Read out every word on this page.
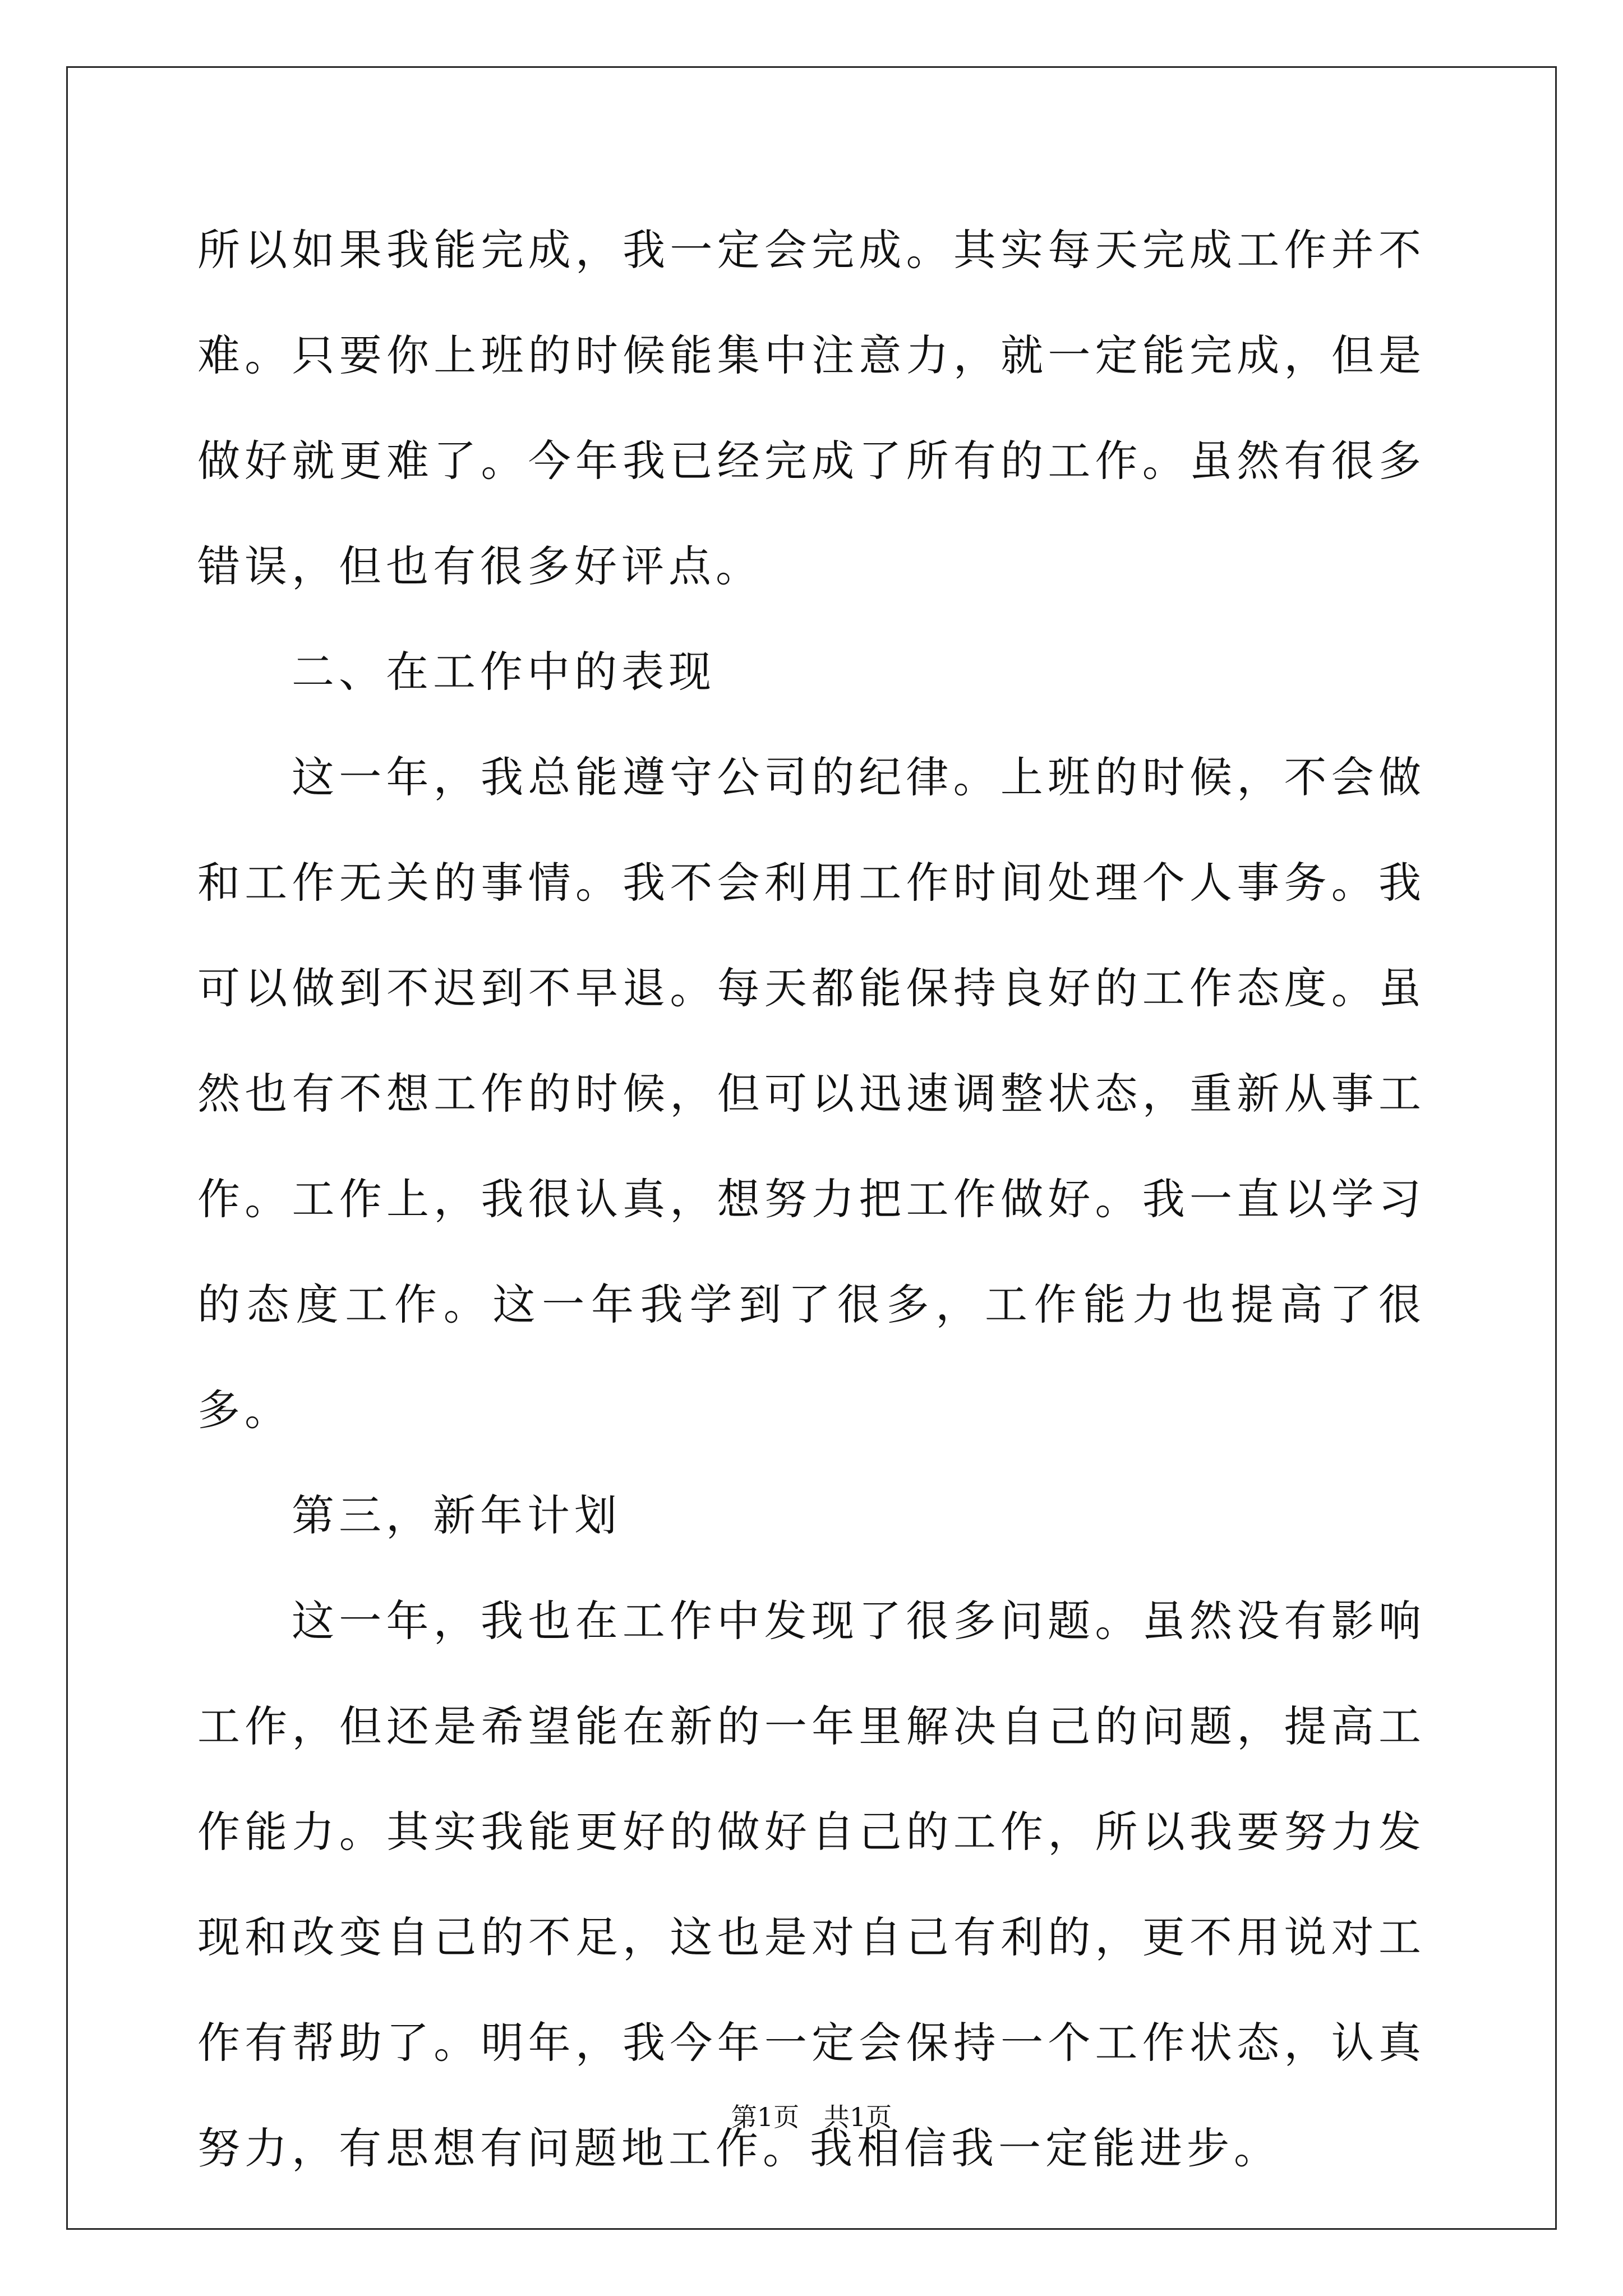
所以如果我能完成，我一定会完成。其实每天完成工作并不难。只要你上班的时候能集中注意力，就一定能完成，但是做好就更难了。今年我已经完成了所有的工作。虽然有很多错误，但也有很多好评点。

二、在工作中的表现

这一年，我总能遵守公司的纪律。上班的时候，不会做和工作无关的事情。我不会利用工作时间处理个人事务。我可以做到不迟到不早退。每天都能保持良好的工作态度。虽然也有不想工作的时候，但可以迅速调整状态，重新从事工作。工作上，我很认真，想努力把工作做好。我一直以学习的态度工作。这一年我学到了很多，工作能力也提高了很多。

第三，新年计划

这一年，我也在工作中发现了很多问题。虽然没有影响工作，但还是希望能在新的一年里解决自己的问题，提高工作能力。其实我能更好的做好自己的工作，所以我要努力发现和改变自己的不足，这也是对自己有利的，更不用说对工作有帮助了。明年，我今年一定会保持一个工作状态，认真努力，有思想有问题地工作。我相信我一定能进步。

第1页   共1页
